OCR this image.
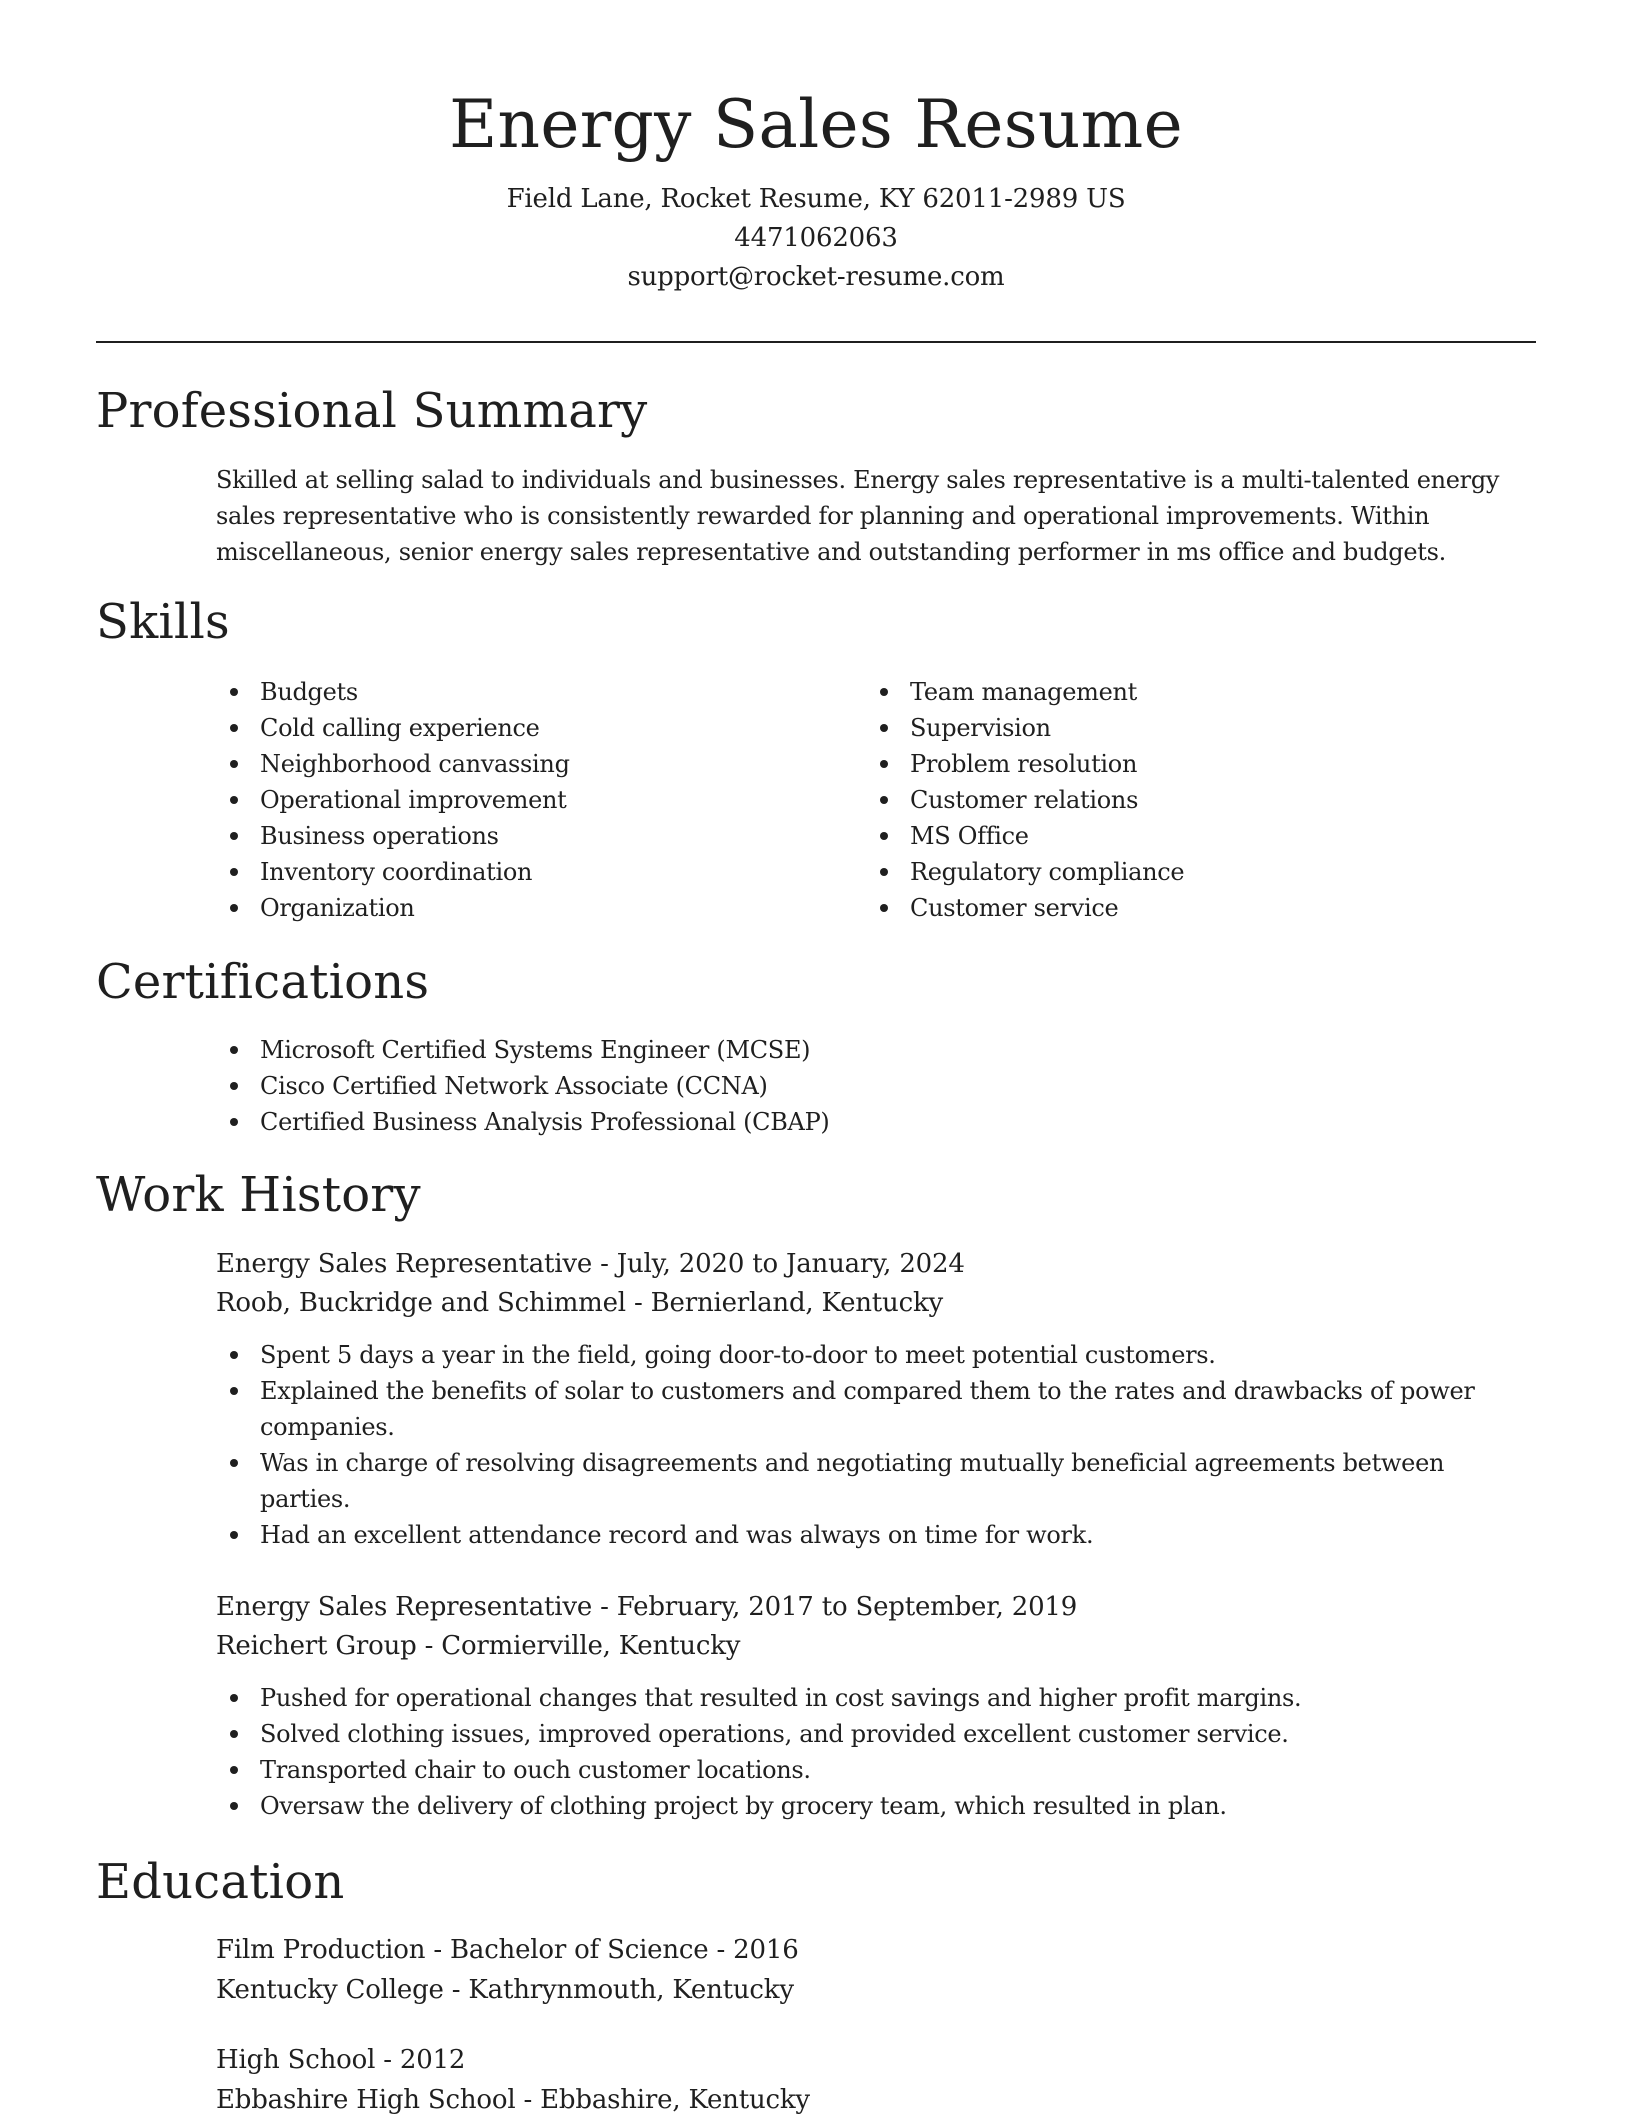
Energy Sales Resume
Field Lane, Rocket Resume, KY 62011-2989 US
4471062063
support@rocket-resume.com
Professional Summary

Skilled at selling salad to individuals and businesses. Energy sales representative is a multi-talented energy sales representative who is consistently rewarded for planning and operational improvements. Within miscellaneous, senior energy sales representative and outstanding performer in ms office and budgets.

Skills
Budgets
Cold calling experience
Neighborhood canvassing
Operational improvement
Business operations
Inventory coordination
Organization
Team management
Supervision
Problem resolution
Customer relations
MS Office
Regulatory compliance
Customer service
Certifications
Microsoft Certified Systems Engineer (MCSE)
Cisco Certified Network Associate (CCNA)
Certified Business Analysis Professional (CBAP)
Work History
Energy Sales Representative - July, 2020 to January, 2024
Roob, Buckridge and Schimmel - Bernierland, Kentucky
Spent 5 days a year in the field, going door-to-door to meet potential customers.
Explained the benefits of solar to customers and compared them to the rates and drawbacks of power companies.
Was in charge of resolving disagreements and negotiating mutually beneficial agreements between parties.
Had an excellent attendance record and was always on time for work.
Energy Sales Representative - February, 2017 to September, 2019
Reichert Group - Cormierville, Kentucky
Pushed for operational changes that resulted in cost savings and higher profit margins.
Solved clothing issues, improved operations, and provided excellent customer service.
Transported chair to ouch customer locations.
Oversaw the delivery of clothing project by grocery team, which resulted in plan.
Education
Film Production - Bachelor of Science - 2016
Kentucky College - Kathrynmouth, Kentucky
High School - 2012
Ebbashire High School - Ebbashire, Kentucky
